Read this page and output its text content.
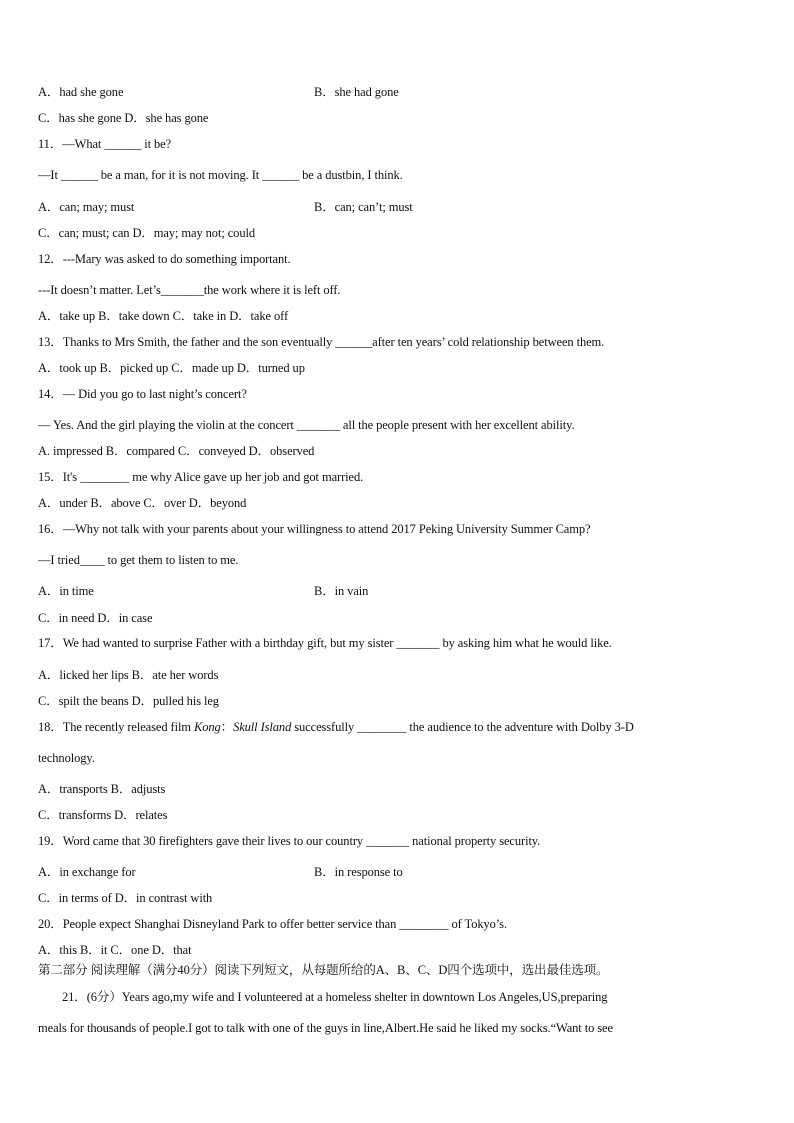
A．had she gone	B．she had gone
C．has she gone D．she has gone
11．—What ______ it be?
—It ______ be a man, for it is not moving. It ______ be a dustbin, I think.
A．can; may; must	B．can; can’t; must
C．can; must; can D．may; may not; could
12．---Mary was asked to do something important.
---It doesn’t matter. Let’s_______the work where it is left off.
A．take up B．take down C．take in D．take off
13．Thanks to Mrs Smith, the father and the son eventually ______after ten years’ cold relationship between them.
A．took up B．picked up C．made up D．turned up
14．— Did you go to last night’s concert?
— Yes. And the girl playing the violin at the concert _______ all the people present with her excellent ability.
A. impressed B．compared C．conveyed D．observed
15．It's ________ me why Alice gave up her job and got married.
A．under B．above C．over D．beyond
16．—Why not talk with your parents about your willingness to attend 2017 Peking University Summer Camp?
—I tried____ to get them to listen to me.
A．in time	B．in vain
C．in need D．in case
17．We had wanted to surprise Father with a birthday gift, but my sister _______ by asking him what he would like.
A．licked her lips B．ate her words
C．spilt the beans D．pulled his leg
18．The recently released film Kong：Skull Island successfully ________ the audience to the adventure with Dolby 3-D
technology.
A．transports B．adjusts
C．transforms D．relates
19．Word came that 30 firefighters gave their lives to our country _______ national property security.
A．in exchange for	B．in response to
C．in terms of D．in contrast with
20．People expect Shanghai Disneyland Park to offer better service than ________ of Tokyo’s.
A．this B．it C．one D．that
第二部分 阅读理解（满分40分）阅读下列短文，从每题所给的A、B、C、D四个选项中，选出最佳选项。
21．(6分）Years ago,my wife and I volunteered at a homeless shelter in downtown Los Angeles,US,preparing
meals for thousands of people.I got to talk with one of the guys in line,Albert.He said he liked my socks.“Want to see
